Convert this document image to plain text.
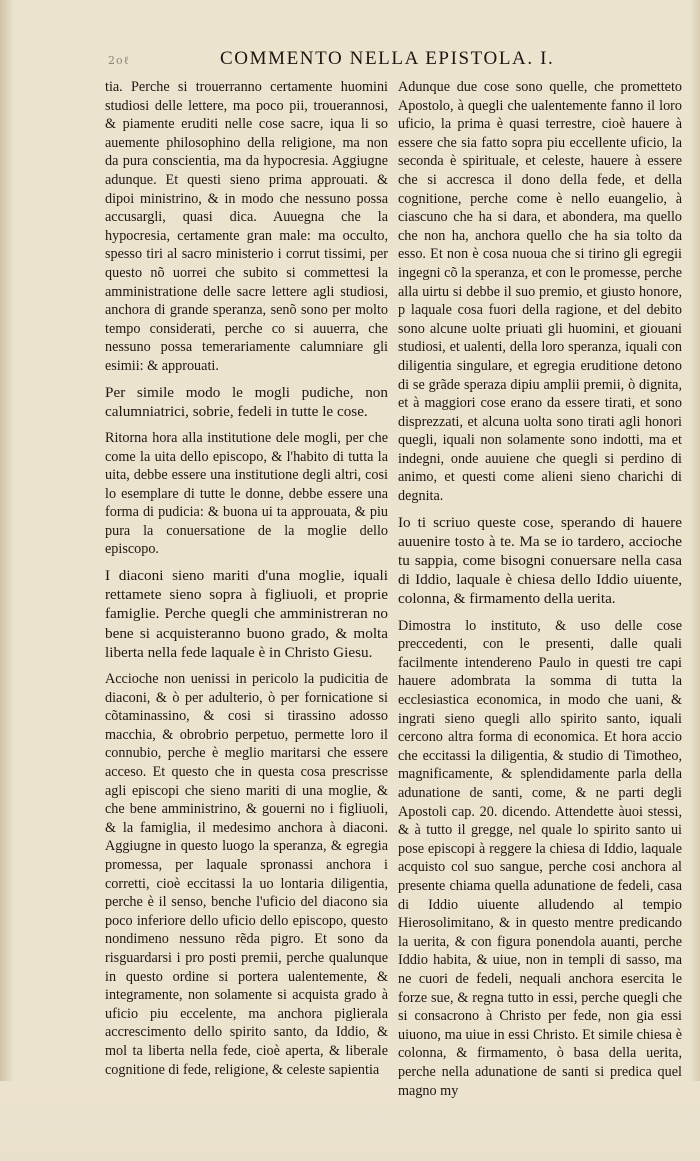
2oℓ	COMMENTO NELLA EPISTOLA. I.

tia. Perche si trouerranno certamente huomini studiosi delle lettere, ma poco pii, trouerannosi, & piamente eruditi nelle cose sacre, iqua li so auemente philosophino della religione, ma non da pura conscientia, ma da hypocresia. Aggiugne adunque. Et questi sieno prima approuati. & dipoi ministrino, & in modo che nessuno possa accusargli, quasi dica. Auuegna che la hypocresia, certamente gran male: ma occulto, spesso tiri al sacro ministerio i corrut tissimi, per questo nõ uorrei che subito si commettesi la amministratione delle sacre lettere agli studiosi, anchora di grande speranza, senõ sono per molto tempo considerati, perche co si auuerra, che nessuno possa temerariamente calumniare gli esimii: & approuati.

Per simile modo le mogli pudiche, non calumniatrici, sobrie, fedeli in tutte le cose.

Ritorna hora alla institutione dele mogli, per che come la uita dello episcopo, & l'habito di tutta la uita, debbe essere una institutione degli altri, cosi lo esemplare di tutte le donne, debbe essere una forma di pudicia: & buona ui ta approuata, & piu pura la conuersatione de la moglie dello episcopo.

I diaconi sieno mariti d'una moglie, iquali rettamete sieno sopra à figliuoli, et proprie famiglie. Perche quegli che amministreran no bene si acquisteranno buono grado, & molta liberta nella fede laquale è in Christo Giesu.

Accioche non uenissi in pericolo la pudicitia de diaconi, & ò per adulterio, ò per fornicatione si cõtaminassino, & cosi si tirassino adosso macchia, & obrobrio perpetuo, permette loro il connubio, perche è meglio maritarsi che essere acceso. Et questo che in questa cosa prescrisse agli episcopi che sieno mariti di una moglie, & che bene amministrino, & gouerni no i figliuoli, & la famiglia, il medesimo anchora à diaconi. Aggiugne in questo luogo la speranza, & egregia promessa, per laquale spronassi anchora i corretti, cioè eccitassi la uo lontaria diligentia, perche è il senso, benche l'uficio del diacono sia poco inferiore dello uficio dello episcopo, questo nondimeno nessuno rẽda pigro. Et sono da risguardarsi i pro posti premii, perche qualunque in questo ordine si portera ualentemente, & integramente, non solamente si acquista grado à uficio piu eccelente, ma anchora piglierala accrescimento dello spirito santo, da Iddio, & mol ta liberta nella fede, cioè aperta, & liberale cognitione di fede, religione, & celeste sapientia

Adunque due cose sono quelle, che prometteto Apostolo, à quegli che ualentemente fanno il loro uficio, la prima è quasi terrestre, cioè hauere à essere che sia fatto sopra piu eccellente uficio, la seconda è spirituale, et celeste, hauere à essere che si accresca il dono della fede, et della cognitione, perche come è nello euangelio, à ciascuno che ha si dara, et abondera, ma quello che non ha, anchora quello che ha sia tolto da esso. Et non è cosa nuoua che si tirino gli egregii ingegni cõ la speranza, et con le promesse, perche alla uirtu si debbe il suo premio, et giusto honore, p laquale cosa fuori della ragione, et del debito sono alcune uolte priuati gli huomini, et giouani studiosi, et ualenti, della loro speranza, iquali con diligentia singulare, et egregia eruditione detono di se grãde speraza dipiu amplii premii, ò dignita, et à maggiori cose erano da essere tirati, et sono disprezzati, et alcuna uolta sono tirati agli honori quegli, iquali non solamente sono indotti, ma et indegni, onde auuiene che quegli si perdino di animo, et questi come alieni sieno charichi di degnita.

Io ti scriuo queste cose, sperando di hauere auuenire tosto à te. Ma se io tardero, accioche tu sappia, come bisogni conuersare nella casa di Iddio, laquale è chiesa dello Iddio uiuente, colonna, & firmamento della uerita.

Dimostra lo instituto, & uso delle cose preccedenti, con le presenti, dalle quali facilmente intendereno Paulo in questi tre capi hauere adombrata la somma di tutta la ecclesiastica economica, in modo che uani, & ingrati sieno quegli allo spirito santo, iquali cercono altra forma di economica. Et hora accio che eccitassi la diligentia, & studio di Timotheo, magnificamente, & splendidamente parla della adunatione de santi, come, & ne parti degli Apostoli cap. 20. dicendo. Attendette àuoi stessi, & à tutto il gregge, nel quale lo spirito santo ui pose episcopi à reggere la chiesa di Iddio, laquale acquisto col suo sangue, perche cosi anchora al presente chiama quella adunatione de fedeli, casa di Iddio uiuente alludendo al tempio Hierosolimitano, & in questo mentre predicando la uerita, & con figura ponendola auanti, perche Iddio habita, & uiue, non in templi di sasso, ma ne cuori de fedeli, nequali anchora esercita le forze sue, & regna tutto in essi, perche quegli che si consacrono à Christo per fede, non gia essi uiuono, ma uiue in essi Christo. Et simile chiesa è colonna, & firmamento, ò basa della uerita, perche nella adunatione de santi si predica quel magno my
